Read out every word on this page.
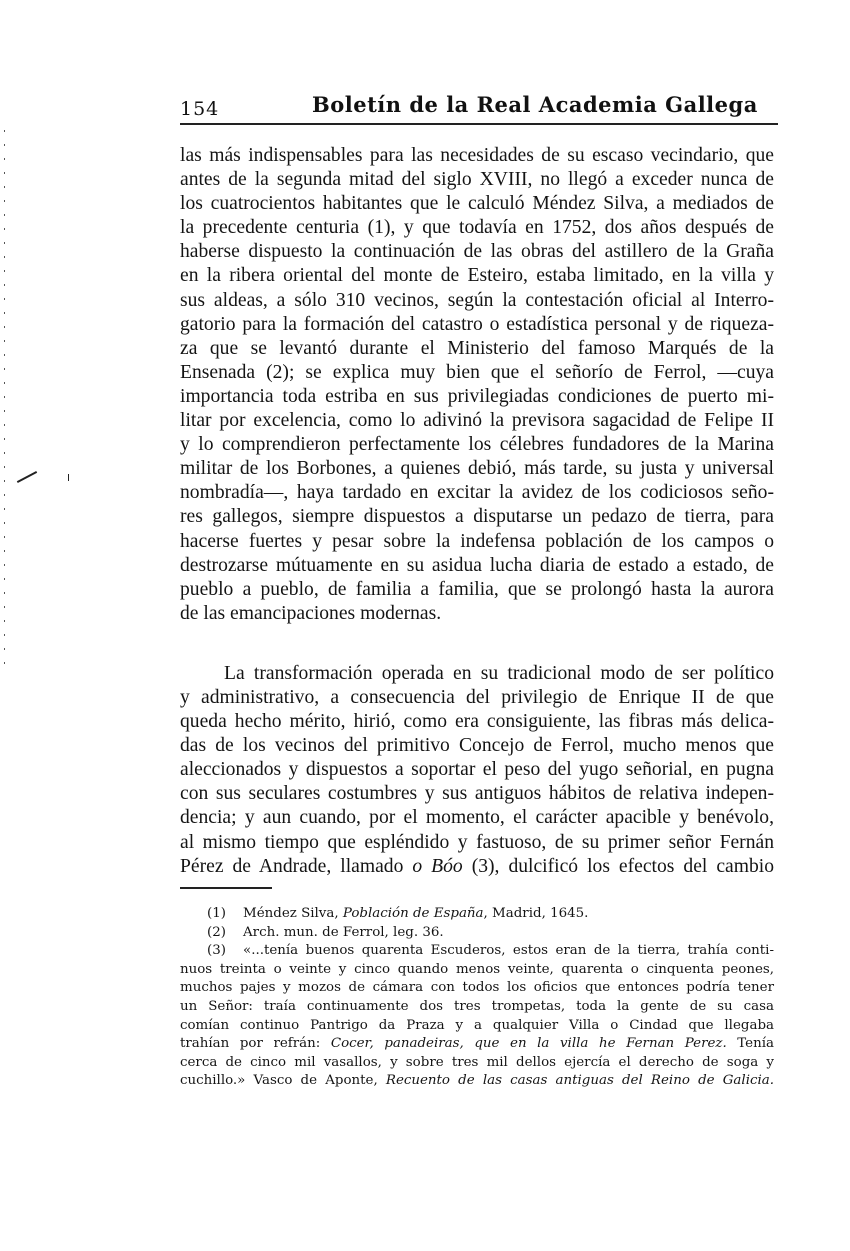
154	Boletín de la Real Academia Gallega
las más indispensables para las necesidades de su escaso vecindario, que
antes de la segunda mitad del siglo XVIII, no llegó a exceder nunca de
los cuatrocientos habitantes que le calculó Méndez Silva, a mediados de
la precedente centuria (1), y que todavía en 1752, dos años después de
haberse dispuesto la continuación de las obras del astillero de la Graña
en la ribera oriental del monte de Esteiro, estaba limitado, en la villa y
sus aldeas, a sólo 310 vecinos, según la contestación oficial al Interro-
gatorio para la formación del catastro o estadística personal y de riqueza-
za que se levantó durante el Ministerio del famoso Marqués de la
Ensenada (2); se explica muy bien que el señorío de Ferrol, —cuya
importancia toda estriba en sus privilegiadas condiciones de puerto mi-
litar por excelencia, como lo adivinó la previsora sagacidad de Felipe II
y lo comprendieron perfectamente los célebres fundadores de la Marina
militar de los Borbones, a quienes debió, más tarde, su justa y universal
nombradía—, haya tardado en excitar la avidez de los codiciosos seño-
res gallegos, siempre dispuestos a disputarse un pedazo de tierra, para
hacerse fuertes y pesar sobre la indefensa población de los campos o
destrozarse mútuamente en su asidua lucha diaria de estado a estado, de
pueblo a pueblo, de familia a familia, que se prolongó hasta la aurora
de las emancipaciones modernas.
La transformación operada en su tradicional modo de ser político
y administrativo, a consecuencia del privilegio de Enrique II de que
queda hecho mérito, hirió, como era consiguiente, las fibras más delica-
das de los vecinos del primitivo Concejo de Ferrol, mucho menos que
aleccionados y dispuestos a soportar el peso del yugo señorial, en pugna
con sus seculares costumbres y sus antiguos hábitos de relativa indepen-
dencia; y aun cuando, por el momento, el carácter apacible y benévolo,
al mismo tiempo que espléndido y fastuoso, de su primer señor Fernán
Pérez de Andrade, llamado o Bóo (3), dulcificó los efectos del cambio
(1) Méndez Silva, Población de España, Madrid, 1645.
(2) Arch. mun. de Ferrol, leg. 36.
(3) «...tenía buenos quarenta Escuderos, estos eran de la tierra, trahía conti-
nuos treinta o veinte y cinco quando menos veinte, quarenta o cinquenta peones,
muchos pajes y mozos de cámara con todos los oficios que entonces podría tener
un Señor: traía continuamente dos tres trompetas, toda la gente de su casa
comían continuo Pantrigo da Praza y a qualquier Villa o Cindad que llegaba
trahían por refrán: Cocer, panadeiras, que en la villa he Fernan Perez. Tenía
cerca de cinco mil vasallos, y sobre tres mil dellos ejercía el derecho de soga y
cuchillo.» Vasco de Aponte, Recuento de las casas antiguas del Reino de Galicia.
